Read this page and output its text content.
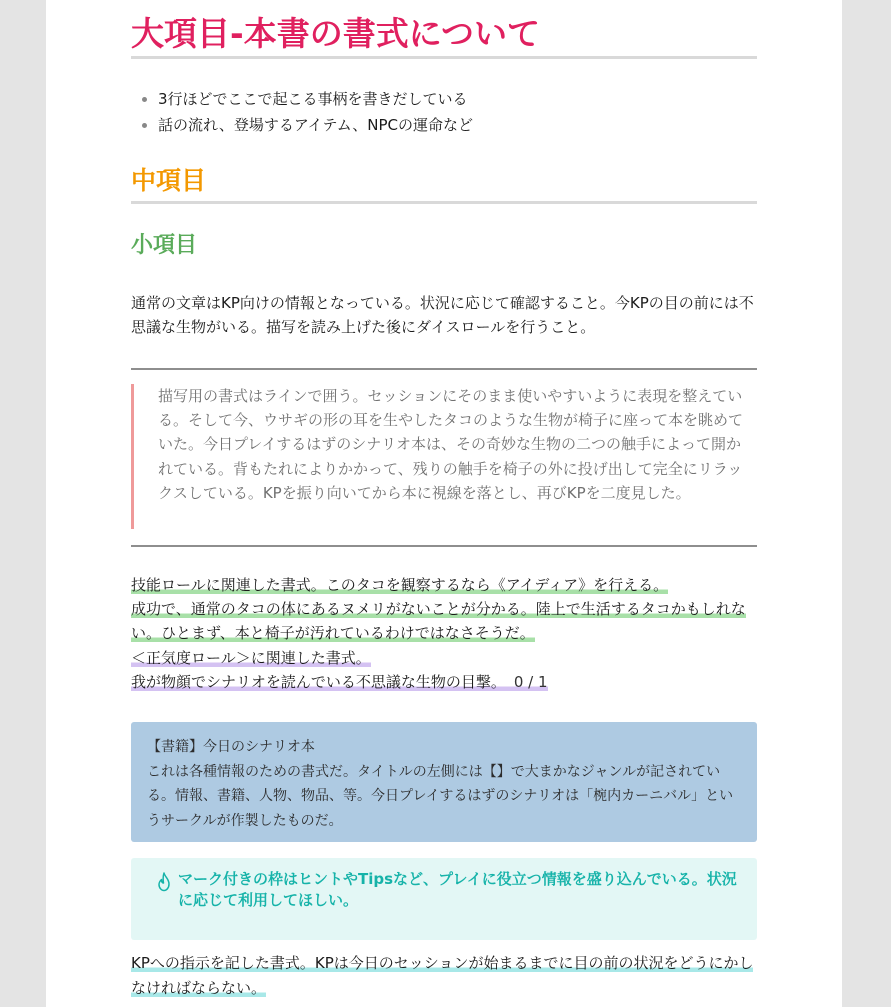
大項目-本書の書式について
3行ほどでここで起こる事柄を書きだしている
話の流れ、登場するアイテム、NPCの運命など
中項目
小項目

通常の文章はKP向けの情報となっている。状況に応じて確認すること。今KPの目の前には不思議な生物がいる。描写を読み上げた後にダイスロールを行うこと。

描写用の書式はラインで囲う。セッションにそのまま使いやすいように表現を整えている。そして今、ウサギの形の耳を生やしたタコのような生物が椅子に座って本を眺めていた。今日プレイするはずのシナリオ本は、その奇妙な生物の二つの触手によって開かれている。背もたれによりかかって、残りの触手を椅子の外に投げ出して完全にリラックスしている。KPを振り向いてから本に視線を落とし、再びKPを二度見した。
技能ロールに関連した書式。このタコを観察するなら《アイディア》を行える。
成功で、通常のタコの体にあるヌメリがないことが分かる。陸上で生活するタコかもしれない。ひとまず、本と椅子が汚れているわけではなさそうだ。
＜正気度ロール＞に関連した書式。
我が物顔でシナリオを読んでいる不思議な生物の目撃。 0 / 1
【書籍】今日のシナリオ本
これは各種情報のための書式だ。タイトルの左側には【】で大まかなジャンルが記されている。情報、書籍、人物、物品、等。今日プレイするはずのシナリオは「椀内カーニバル」というサークルが作製したものだ。
マーク付きの枠はヒントやTipsなど、プレイに役立つ情報を盛り込んでいる。状況に応じて利用してほしい。
KPへの指示を記した書式。KPは今日のセッションが始まるまでに目の前の状況をどうにかしなければならない。
